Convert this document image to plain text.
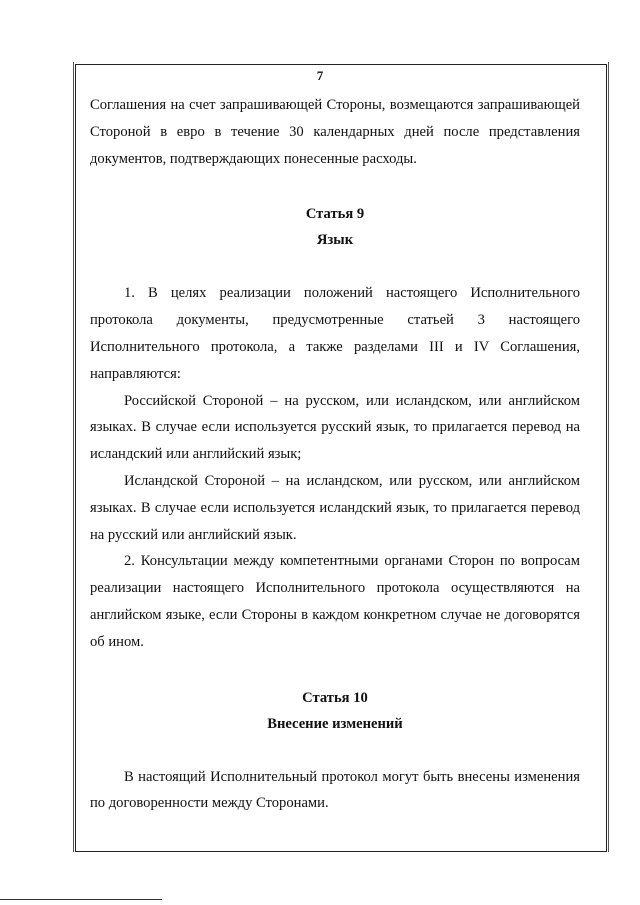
7

Соглашения на счет запрашивающей Стороны, возмещаются запрашивающей Стороной в евро в течение 30 календарных дней после представления документов, подтверждающих понесенные расходы.

Статья 9
Язык

1. В целях реализации положений настоящего Исполнительного протокола документы, предусмотренные статьей 3 настоящего Исполнительного протокола, а также разделами III и IV Соглашения, направляются:

Российской Стороной – на русском, или исландском, или английском языках. В случае если используется русский язык, то прилагается перевод на исландский или английский язык;

Исландской Стороной – на исландском, или русском, или английском языках. В случае если используется исландский язык, то прилагается перевод на русский или английский язык.

2. Консультации между компетентными органами Сторон по вопросам реализации настоящего Исполнительного протокола осуществляются на английском языке, если Стороны в каждом конкретном случае не договорятся об ином.

Статья 10
Внесение изменений

В настоящий Исполнительный протокол могут быть внесены изменения по договоренности между Сторонами.
